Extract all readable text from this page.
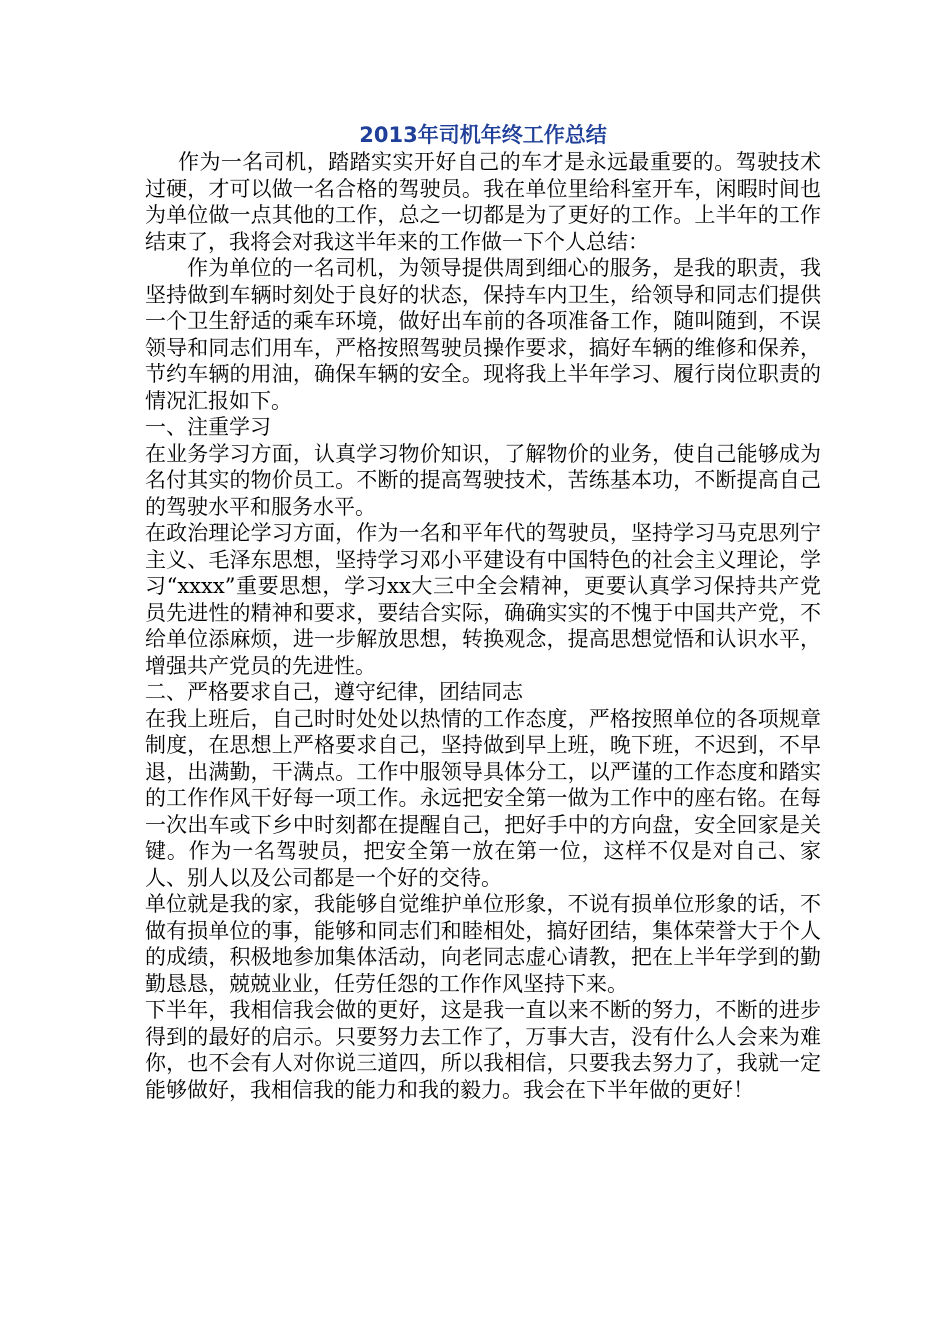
2013年司机年终工作总结

作为一名司机，踏踏实实开好自己的车才是永远最重要的。驾驶技术过硬，才可以做一名合格的驾驶员。我在单位里给科室开车，闲暇时间也为单位做一点其他的工作，总之一切都是为了更好的工作。上半年的工作结束了，我将会对我这半年来的工作做一下个人总结：

作为单位的一名司机，为领导提供周到细心的服务，是我的职责，我坚持做到车辆时刻处于良好的状态，保持车内卫生，给领导和同志们提供一个卫生舒适的乘车环境，做好出车前的各项准备工作，随叫随到，不误领导和同志们用车，严格按照驾驶员操作要求，搞好车辆的维修和保养，节约车辆的用油，确保车辆的安全。现将我上半年学习、履行岗位职责的情况汇报如下。

一、注重学习

在业务学习方面，认真学习物价知识，了解物价的业务，使自己能够成为名付其实的物价员工。不断的提高驾驶技术，苦练基本功，不断提高自己的驾驶水平和服务水平。

在政治理论学习方面，作为一名和平年代的驾驶员，坚持学习马克思列宁主义、毛泽东思想，坚持学习邓小平建设有中国特色的社会主义理论，学习“xxxx”重要思想，学习xx大三中全会精神，更要认真学习保持共产党员先进性的精神和要求，要结合实际，确确实实的不愧于中国共产党，不给单位添麻烦，进一步解放思想，转换观念，提高思想觉悟和认识水平，增强共产党员的先进性。

二、严格要求自己，遵守纪律，团结同志

在我上班后，自己时时处处以热情的工作态度，严格按照单位的各项规章制度，在思想上严格要求自己，坚持做到早上班，晚下班，不迟到，不早退，出满勤，干满点。工作中服领导具体分工，以严谨的工作态度和踏实的工作作风干好每一项工作。永远把安全第一做为工作中的座右铭。在每一次出车或下乡中时刻都在提醒自己，把好手中的方向盘，安全回家是关键。作为一名驾驶员，把安全第一放在第一位，这样不仅是对自己、家人、别人以及公司都是一个好的交待。

单位就是我的家，我能够自觉维护单位形象，不说有损单位形象的话，不做有损单位的事，能够和同志们和睦相处，搞好团结，集体荣誉大于个人的成绩，积极地参加集体活动，向老同志虚心请教，把在上半年学到的勤勤恳恳，兢兢业业，任劳任怨的工作作风坚持下来。

下半年，我相信我会做的更好，这是我一直以来不断的努力，不断的进步得到的最好的启示。只要努力去工作了，万事大吉，没有什么人会来为难你，也不会有人对你说三道四，所以我相信，只要我去努力了，我就一定能够做好，我相信我的能力和我的毅力。我会在下半年做的更好！
